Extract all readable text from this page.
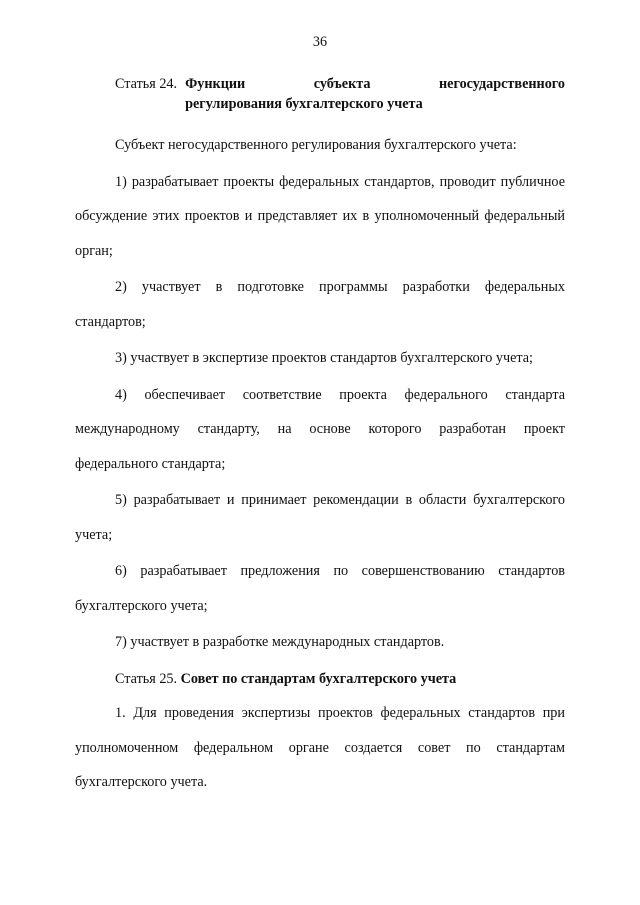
36
Статья 24. Функции субъекта негосударственного
регулирования бухгалтерского учета

Субъект негосударственного регулирования бухгалтерского учета:

1) разрабатывает проекты федеральных стандартов, проводит публичное обсуждение этих проектов и представляет их в уполномоченный федеральный орган;

2) участвует в подготовке программы разработки федеральных стандартов;

3) участвует в экспертизе проектов стандартов бухгалтерского учета;

4) обеспечивает соответствие проекта федерального стандарта международному стандарту, на основе которого разработан проект федерального стандарта;

5) разрабатывает и принимает рекомендации в области бухгалтерского учета;

6) разрабатывает предложения по совершенствованию стандартов бухгалтерского учета;

7) участвует в разработке международных стандартов.

Статья 25. Совет по стандартам бухгалтерского учета

1. Для проведения экспертизы проектов федеральных стандартов при уполномоченном федеральном органе создается совет по стандартам бухгалтерского учета.
